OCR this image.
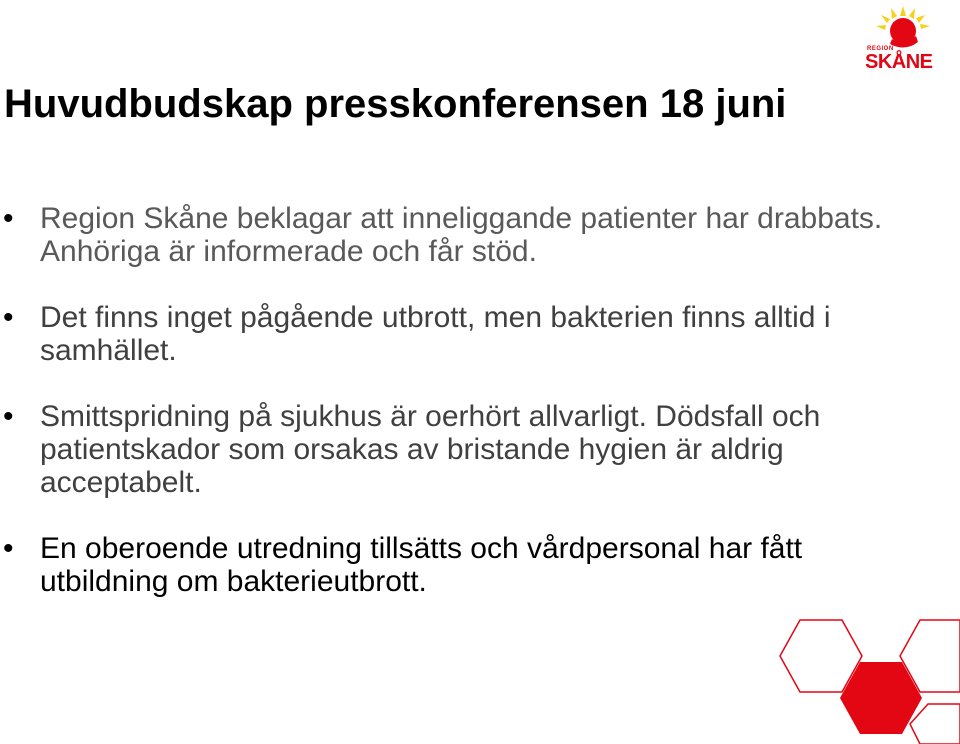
Huvudbudskap presskonferensen 18 juni
• Region Skåne beklagar att inneliggande patienter har drabbats. Anhöriga är informerade och får stöd.
• Det finns inget pågående utbrott, men bakterien finns alltid i samhället.
• Smittspridning på sjukhus är oerhört allvarligt. Dödsfall och patientskador som orsakas av bristande hygien är aldrig acceptabelt.
• En oberoende utredning tillsätts och vårdpersonal har fått utbildning om bakterieutbrott.
REGION
SKÅNE
